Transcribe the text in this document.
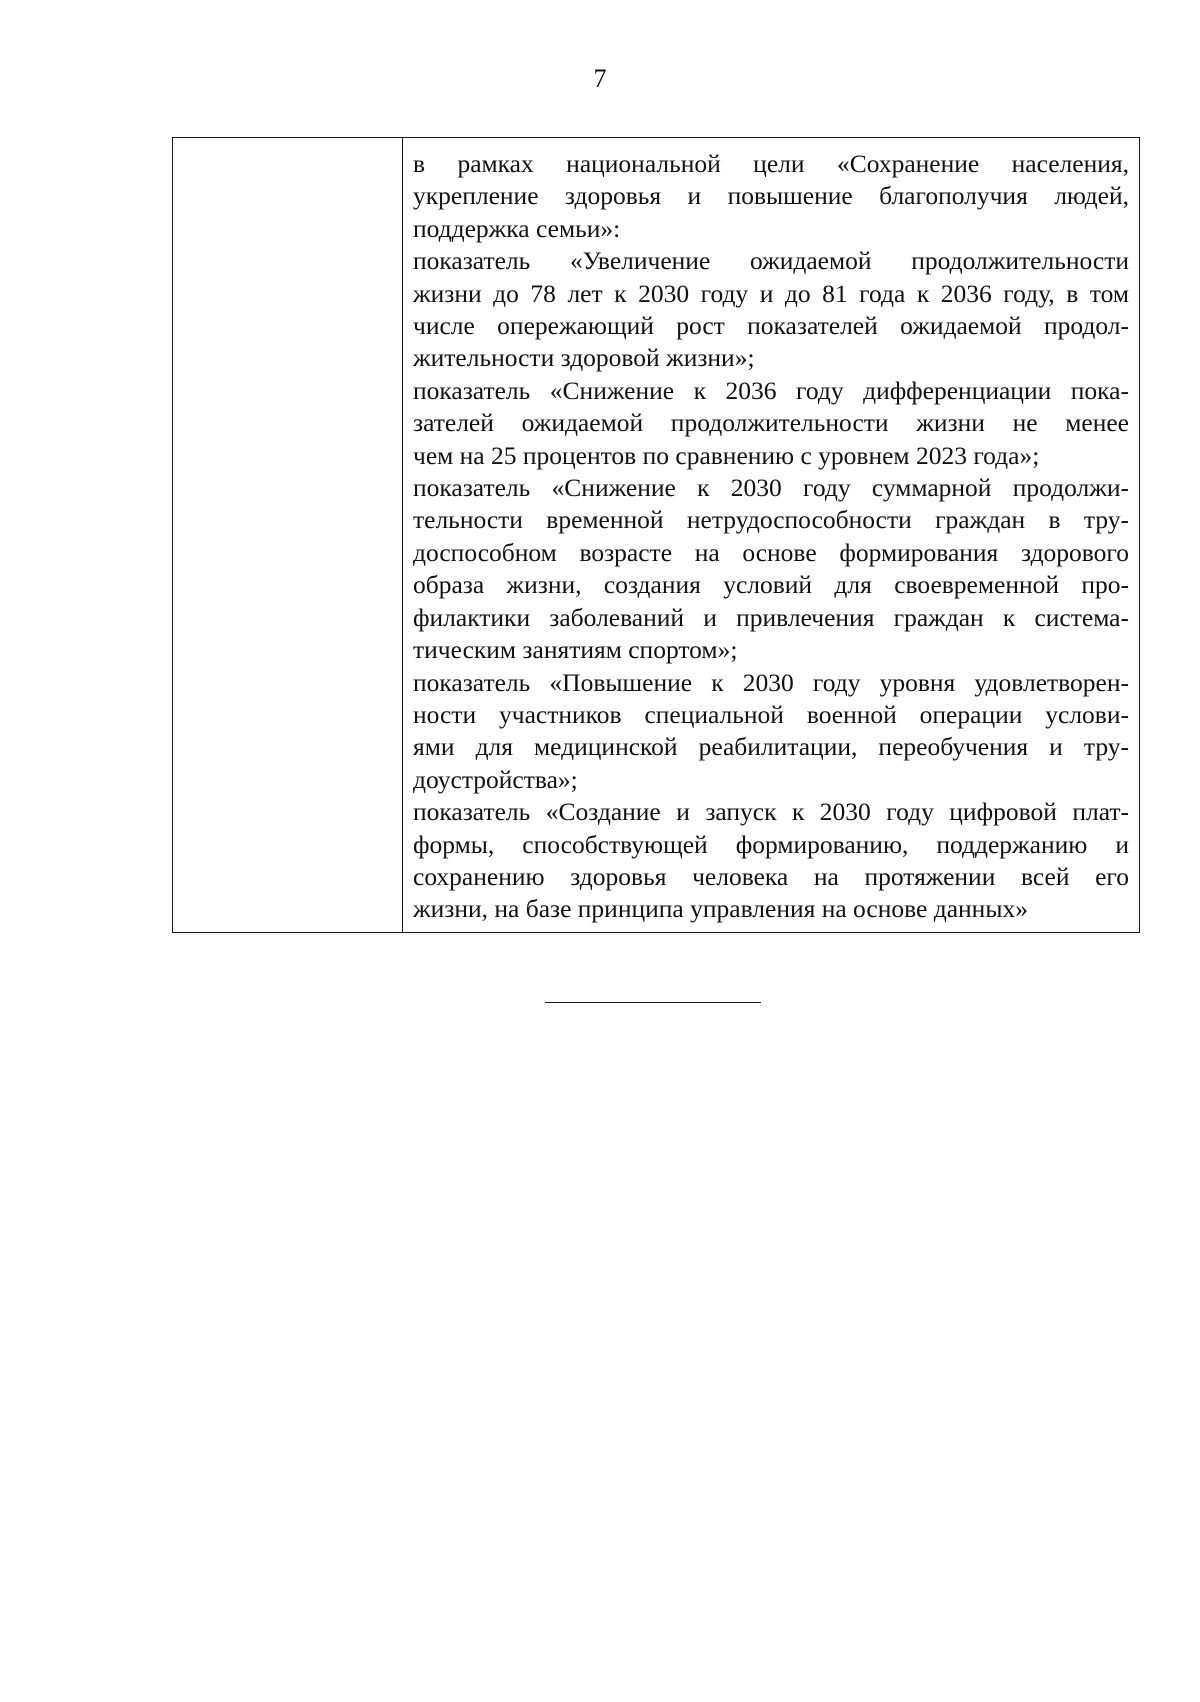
7

в рамках национальной цели «Сохранение населения,
укрепление здоровья и повышение благополучия людей,
поддержка семьи»:
показатель «Увеличение ожидаемой продолжительности
жизни до 78 лет к 2030 году и до 81 года к 2036 году, в том
числе опережающий рост показателей ожидаемой продол-
жительности здоровой жизни»;
показатель «Снижение к 2036 году дифференциации пока-
зателей ожидаемой продолжительности жизни не менее
чем на 25 процентов по сравнению с уровнем 2023 года»;
показатель «Снижение к 2030 году суммарной продолжи-
тельности временной нетрудоспособности граждан в тру-
доспособном возрасте на основе формирования здорового
образа жизни, создания условий для своевременной про-
филактики заболеваний и привлечения граждан к система-
тическим занятиям спортом»;
показатель «Повышение к 2030 году уровня удовлетворен-
ности участников специальной военной операции услови-
ями для медицинской реабилитации, переобучения и тру-
доустройства»;
показатель «Создание и запуск к 2030 году цифровой плат-
формы, способствующей формированию, поддержанию и
сохранению здоровья человека на протяжении всей его
жизни, на базе принципа управления на основе данных»
